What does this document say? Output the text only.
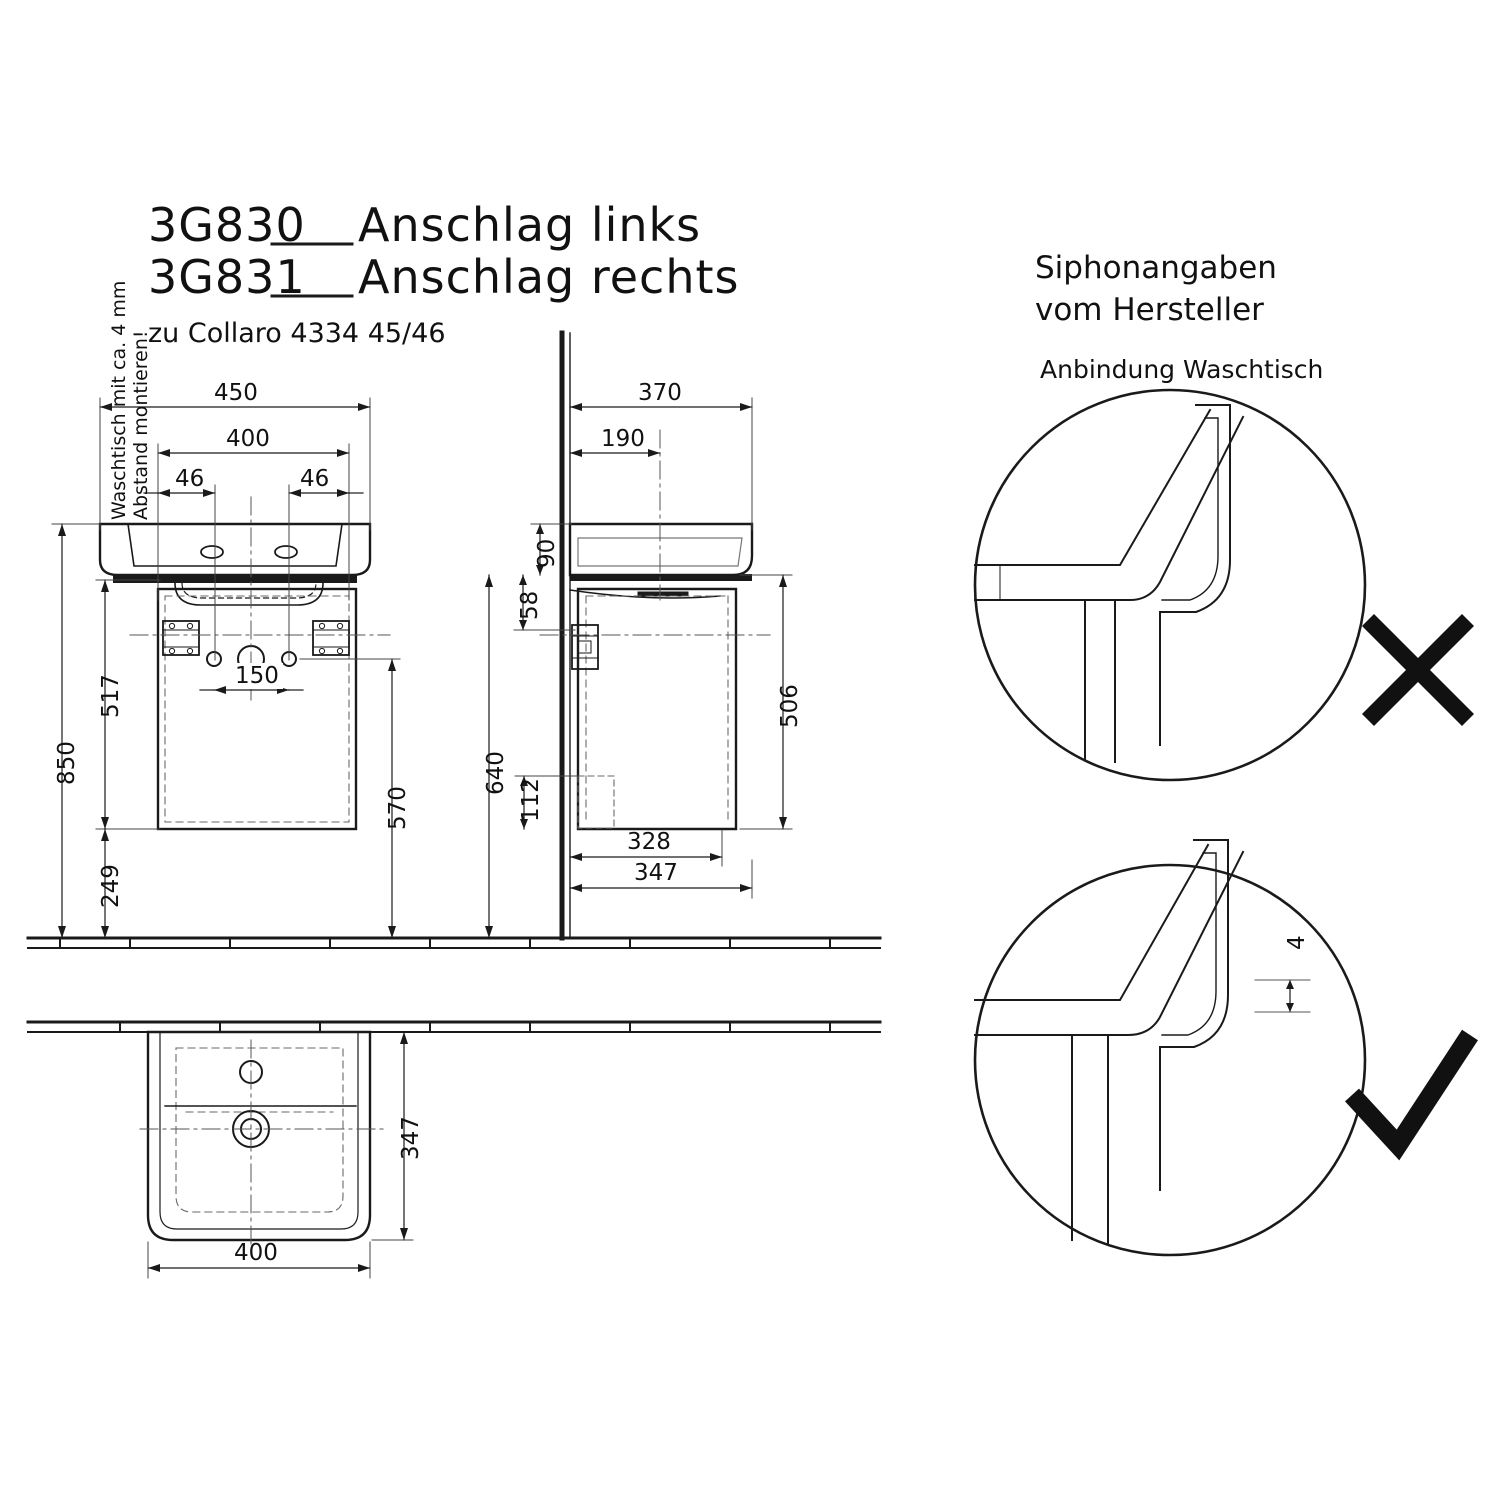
3G830 Anschlag links
3G831 Anschlag rechts
zu Collaro 4334 45/46
Siphonangaben
vom Hersteller
Anbindung Waschtisch
Waschtisch mit ca. 4 mm Abstand montieren!	450
400
46	46
150
850
517
249
570
370
190
90
58
112
640
506
328
347
347
400
4
